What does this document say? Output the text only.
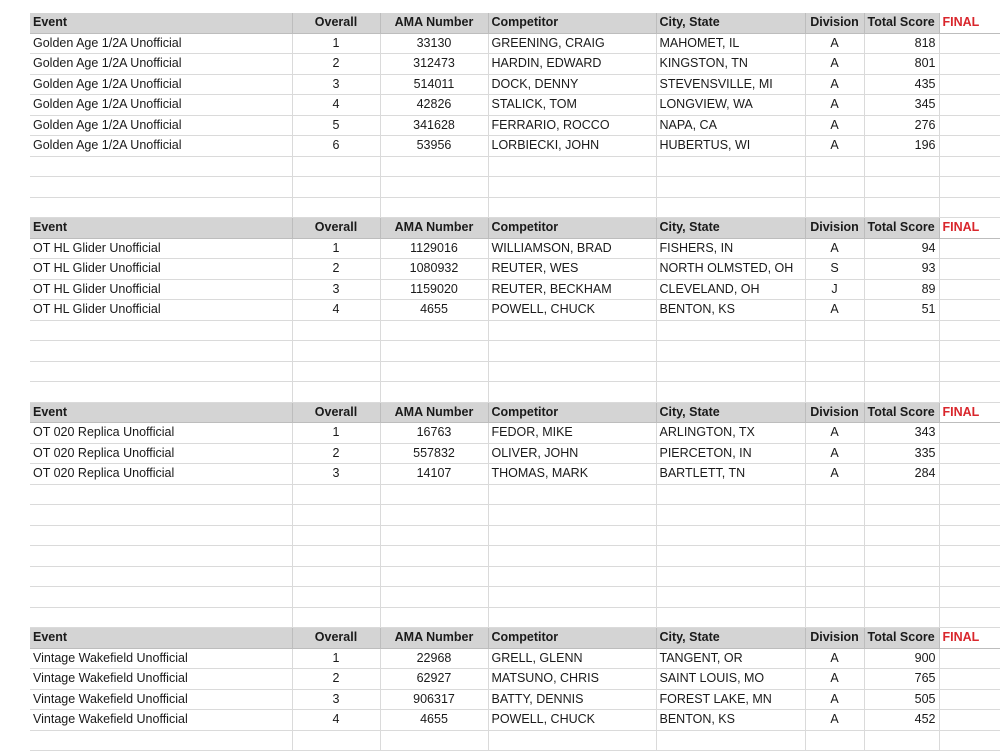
Event	Overall	AMA Number	Competitor	City, State	Division	Total Score	FINAL
Golden Age 1/2A Unofficial	1	33130	GREENING, CRAIG	MAHOMET, IL	A	818	
Golden Age 1/2A Unofficial	2	312473	HARDIN, EDWARD	KINGSTON, TN	A	801	
Golden Age 1/2A Unofficial	3	514011	DOCK, DENNY	STEVENSVILLE, MI	A	435	
Golden Age 1/2A Unofficial	4	42826	STALICK, TOM	LONGVIEW, WA	A	345	
Golden Age 1/2A Unofficial	5	341628	FERRARIO, ROCCO	NAPA, CA	A	276	
Golden Age 1/2A Unofficial	6	53956	LORBIECKI, JOHN	HUBERTUS, WI	A	196	

Event	Overall	AMA Number	Competitor	City, State	Division	Total Score	FINAL
OT HL Glider Unofficial	1	1129016	WILLIAMSON, BRAD	FISHERS, IN	A	94	
OT HL Glider Unofficial	2	1080932	REUTER, WES	NORTH OLMSTED, OH	S	93	
OT HL Glider Unofficial	3	1159020	REUTER, BECKHAM	CLEVELAND, OH	J	89	
OT HL Glider Unofficial	4	4655	POWELL, CHUCK	BENTON, KS	A	51	

Event	Overall	AMA Number	Competitor	City, State	Division	Total Score	FINAL
OT 020 Replica Unofficial	1	16763	FEDOR, MIKE	ARLINGTON, TX	A	343	
OT 020 Replica Unofficial	2	557832	OLIVER, JOHN	PIERCETON, IN	A	335	
OT 020 Replica Unofficial	3	14107	THOMAS, MARK	BARTLETT, TN	A	284	

Event	Overall	AMA Number	Competitor	City, State	Division	Total Score	FINAL
Vintage Wakefield Unofficial	1	22968	GRELL, GLENN	TANGENT, OR	A	900	
Vintage Wakefield Unofficial	2	62927	MATSUNO, CHRIS	SAINT LOUIS, MO	A	765	
Vintage Wakefield Unofficial	3	906317	BATTY, DENNIS	FOREST LAKE, MN	A	505	
Vintage Wakefield Unofficial	4	4655	POWELL, CHUCK	BENTON, KS	A	452	
